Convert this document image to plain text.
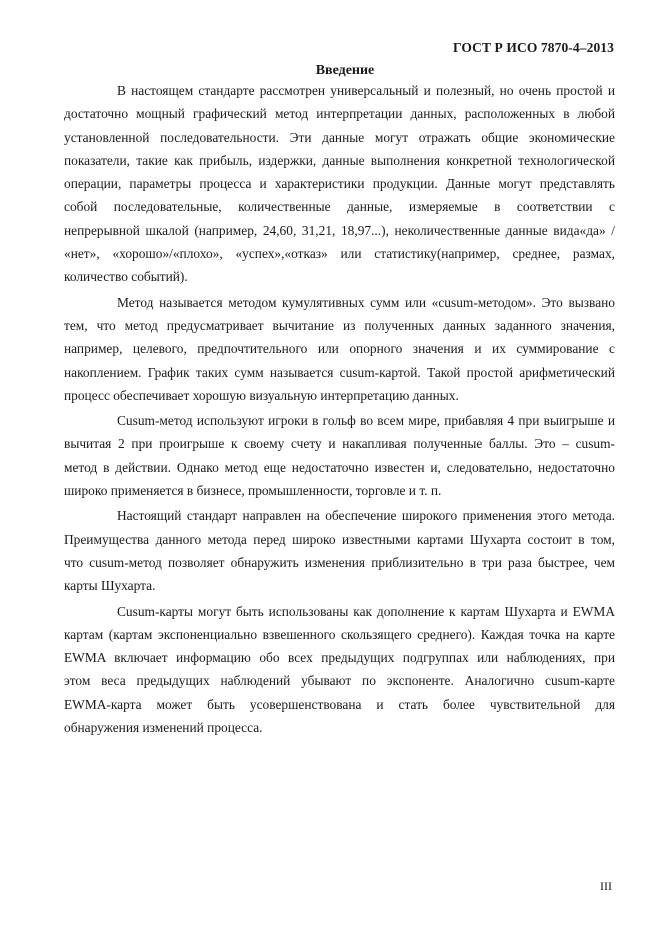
ГОСТ Р ИСО 7870-4–2013
Введение
В настоящем стандарте рассмотрен универсальный и полезный, но очень простой и
достаточно мощный графический метод интерпретации данных, расположенных в любой
установленной последовательности. Эти данные могут отражать общие экономические
показатели, такие как прибыль, издержки, данные выполнения конкретной технологической
операции, параметры процесса и характеристики продукции. Данные могут представлять
собой последовательные, количественные данные, измеряемые в соответствии с
непрерывной шкалой (например, 24,60, 31,21, 18,97...), неколичественные данные вида«да» /
«нет», «хорошо»/«плохо», «успех»,«отказ» или статистику(например, среднее, размах,
количество событий).
Метод называется методом кумулятивных сумм или «cusum-методом». Это вызвано
тем, что метод предусматривает вычитание из полученных данных заданного значения,
например, целевого, предпочтительного или опорного значения и их суммирование с
накоплением. График таких сумм называется cusum-картой. Такой простой арифметический
процесс обеспечивает хорошую визуальную интерпретацию данных.
Cusum-метод используют игроки в гольф во всем мире, прибавляя 4 при выигрыше и
вычитая 2 при проигрыше к своему счету и накапливая полученные баллы. Это – cusum-
метод в действии. Однако метод еще недостаточно известен и, следовательно, недостаточно
широко применяется в бизнесе, промышленности, торговле и т. п.
Настоящий стандарт направлен на обеспечение широкого применения этого метода.
Преимущества данного метода перед широко известными картами Шухарта состоит в том,
что cusum-метод позволяет обнаружить изменения приблизительно в три раза быстрее, чем
карты Шухарта.
Cusum-карты могут быть использованы как дополнение к картам Шухарта и EWMA
картам (картам экспоненциально взвешенного скользящего среднего). Каждая точка на карте
EWMA включает информацию обо всех предыдущих подгруппах или наблюдениях, при
этом веса предыдущих наблюдений убывают по экспоненте. Аналогично cusum-карте
EWMA-карта может быть усовершенствована и стать более чувствительной для
обнаружения изменений процесса.
III
